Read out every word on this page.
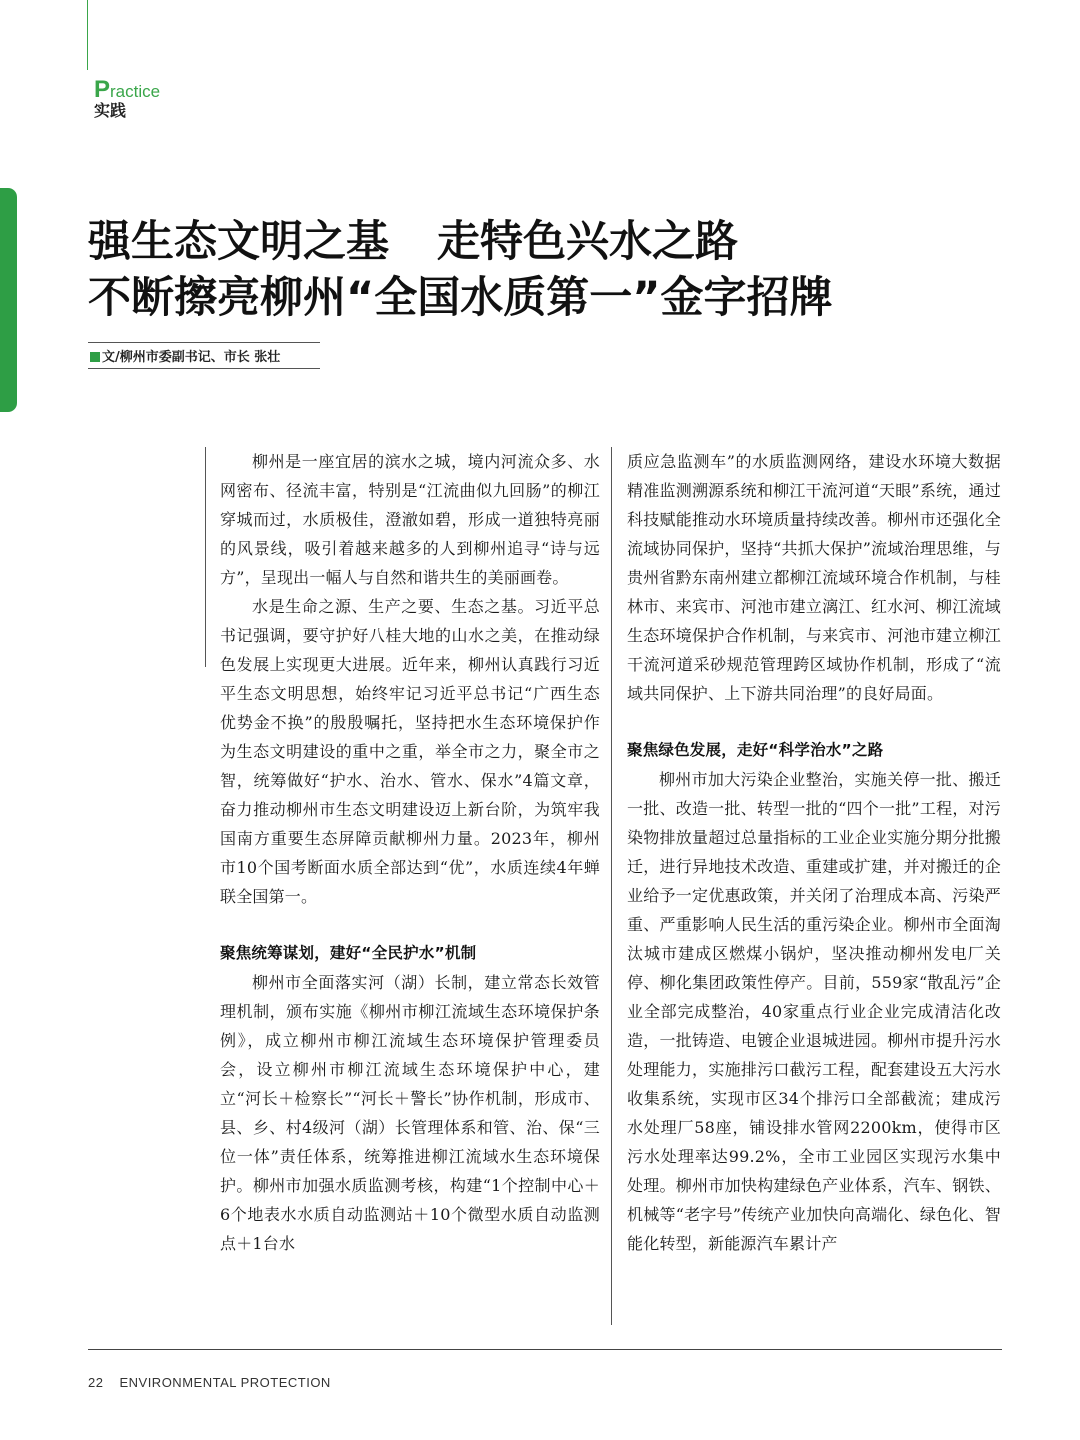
Practice
实践
强生态文明之基 走特色兴水之路
不断擦亮柳州“全国水质第一”金字招牌
文/柳州市委副书记、市长 张壮

柳州是一座宜居的滨水之城，境内河流众多、水网密布、径流丰富，特别是“江流曲似九回肠”的柳江穿城而过，水质极佳，澄澈如碧，形成一道独特亮丽的风景线，吸引着越来越多的人到柳州追寻“诗与远方”，呈现出一幅人与自然和谐共生的美丽画卷。

水是生命之源、生产之要、生态之基。习近平总书记强调，要守护好八桂大地的山水之美，在推动绿色发展上实现更大进展。近年来，柳州认真践行习近平生态文明思想，始终牢记习近平总书记“广西生态优势金不换”的殷殷嘱托，坚持把水生态环境保护作为生态文明建设的重中之重，举全市之力，聚全市之智，统筹做好“护水、治水、管水、保水”4篇文章，奋力推动柳州市生态文明建设迈上新台阶，为筑牢我国南方重要生态屏障贡献柳州力量。2023年，柳州市10个国考断面水质全部达到“优”，水质连续4年蝉联全国第一。

聚焦统筹谋划，建好“全民护水”机制

柳州市全面落实河（湖）长制，建立常态长效管理机制，颁布实施《柳州市柳江流域生态环境保护条例》，成立柳州市柳江流域生态环境保护管理委员会，设立柳州市柳江流域生态环境保护中心，建立“河长＋检察长”“河长＋警长”协作机制，形成市、县、乡、村4级河（湖）长管理体系和管、治、保“三位一体”责任体系，统筹推进柳江流域水生态环境保护。柳州市加强水质监测考核，构建“1个控制中心＋6个地表水水质自动监测站＋10个微型水质自动监测点＋1台水

质应急监测车”的水质监测网络，建设水环境大数据精准监测溯源系统和柳江干流河道“天眼”系统，通过科技赋能推动水环境质量持续改善。柳州市还强化全流域协同保护，坚持“共抓大保护”流域治理思维，与贵州省黔东南州建立都柳江流域环境合作机制，与桂林市、来宾市、河池市建立漓江、红水河、柳江流域生态环境保护合作机制，与来宾市、河池市建立柳江干流河道采砂规范管理跨区域协作机制，形成了“流域共同保护、上下游共同治理”的良好局面。

聚焦绿色发展，走好“科学治水”之路

柳州市加大污染企业整治，实施关停一批、搬迁一批、改造一批、转型一批的“四个一批”工程，对污染物排放量超过总量指标的工业企业实施分期分批搬迁，进行异地技术改造、重建或扩建，并对搬迁的企业给予一定优惠政策，并关闭了治理成本高、污染严重、严重影响人民生活的重污染企业。柳州市全面淘汰城市建成区燃煤小锅炉，坚决推动柳州发电厂关停、柳化集团政策性停产。目前，559家“散乱污”企业全部完成整治，40家重点行业企业完成清洁化改造，一批铸造、电镀企业退城进园。柳州市提升污水处理能力，实施排污口截污工程，配套建设五大污水收集系统，实现市区34个排污口全部截流；建成污水处理厂58座，铺设排水管网2200km，使得市区污水处理率达99.2%，全市工业园区实现污水集中处理。柳州市加快构建绿色产业体系，汽车、钢铁、机械等“老字号”传统产业加快向高端化、绿色化、智能化转型，新能源汽车累计产

22 ENVIRONMENTAL PROTECTION
